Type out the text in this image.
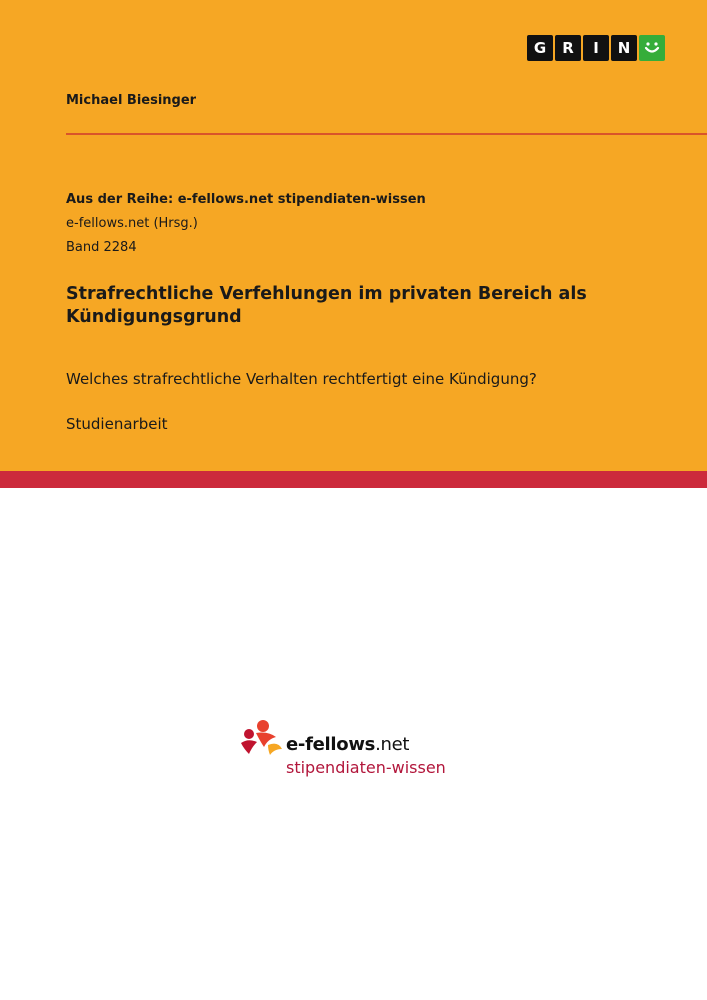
G	R	I	N
Michael Biesinger
Aus der Reihe: e-fellows.net stipendiaten-wissen
e-fellows.net (Hrsg.)
Band 2284
Strafrechtliche Verfehlungen im privaten Bereich als Kündigungsgrund
Welches strafrechtliche Verhalten rechtfertigt eine Kündigung?
Studienarbeit
e-fellows.net
stipendiaten-wissen
